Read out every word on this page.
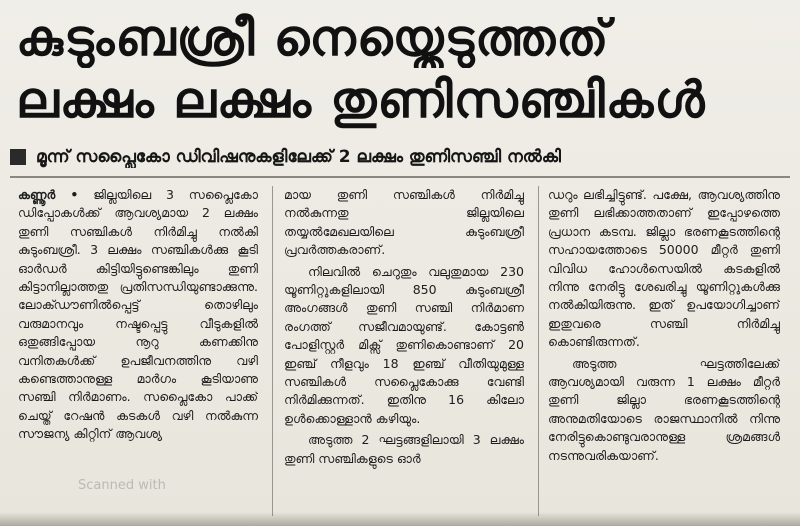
കുടുംബശ്രീ നെയ്തെടുത്തത്
ലക്ഷം ലക്ഷം തുണിസഞ്ചികൾ
മൂന്ന് സപ്ലൈകോ ഡിവിഷനുകളിലേക്ക് 2 ലക്ഷം തുണിസഞ്ചി നൽകി

കണ്ണൂർ • ജില്ലയിലെ 3 സപ്ലൈകോ ഡിപ്പോകൾക്ക് ആവശ്യമായ 2 ലക്ഷം തുണി സഞ്ചികൾ നിർമിച്ചു നൽകി കുടുംബശ്രീ. 3 ലക്ഷം സഞ്ചികൾക്കു കൂടി ഓർഡർ കിട്ടിയിട്ടുണ്ടെങ്കിലും തുണി കിട്ടാനില്ലാത്തതു പ്രതിസന്ധിയുണ്ടാക്കുന്നു. ലോക്ഡൗണിൽപ്പെട്ട് തൊഴിലും വരുമാനവും നഷ്ടപ്പെട്ടു വീടുകളിൽ ഒതുങ്ങിപ്പോയ നൂറു കണക്കിനു വനിതകൾക്ക് ഉപജീവനത്തിനു വഴി കണ്ടെത്താനുള്ള മാർഗം കൂടിയാണു സഞ്ചി നിർമാണം. സപ്ലൈകോ പാക്ക് ചെയ്ത് റേഷൻ കടകൾ വഴി നൽകുന്ന സൗജന്യ കിറ്റിന് ആവശ്യ

മായ തുണി സഞ്ചികൾ നിർമിച്ചു നൽകുന്നതു ജില്ലയിലെ തയ്യൽമേഖലയിലെ കുടുംബശ്രീ പ്രവർത്തകരാണ്.

നിലവിൽ ചെറുതും വലുതുമായ 230 യൂണിറ്റുകളിലായി 850 കുടുംബശ്രീ അംഗങ്ങൾ തുണി സഞ്ചി നിർമാണ രംഗത്ത് സജീവമായുണ്ട്. കോട്ടൺ പോളിസ്റ്റർ മിക്സ് തുണികൊണ്ടാണ് 20 ഇഞ്ച് നീളവും 18 ഇഞ്ച് വീതിയുമുള്ള സഞ്ചികൾ സപ്ലൈകോക്കു വേണ്ടി നിർമിക്കുന്നത്. ഇതിനു 16 കിലോ ഉൾക്കൊള്ളാൻ കഴിയും.

അടുത്ത 2 ഘട്ടങ്ങളിലായി 3 ലക്ഷം തുണി സഞ്ചികളുടെ ഓർ

ഡറും ലഭിച്ചിട്ടുണ്ട്. പക്ഷേ, ആവശ്യത്തിനു തുണി ലഭിക്കാത്തതാണ് ഇപ്പോഴത്തെ പ്രധാന കടമ്പ. ജില്ലാ ഭരണകൂടത്തിന്റെ സഹായത്തോടെ 50000 മീറ്റർ തുണി വിവിധ ഹോൾസെയിൽ കടകളിൽ നിന്നു നേരിട്ടു ശേഖരിച്ചു യൂണിറ്റുകൾക്കു നൽകിയിരുന്നു. ഇത് ഉപയോഗിച്ചാണ് ഇതുവരെ സഞ്ചി നിർമിച്ചു കൊണ്ടിരുന്നത്.

അടുത്ത ഘട്ടത്തിലേക്ക് ആവശ്യമായി വരുന്ന 1 ലക്ഷം മീറ്റർ തുണി ജില്ലാ ഭരണകൂടത്തിന്റെ അനുമതിയോടെ രാജസ്ഥാനിൽ നിന്നു നേരിട്ടുകൊണ്ടുവരാനുള്ള ശ്രമങ്ങൾ നടന്നുവരികയാണ്.

Scanned with
